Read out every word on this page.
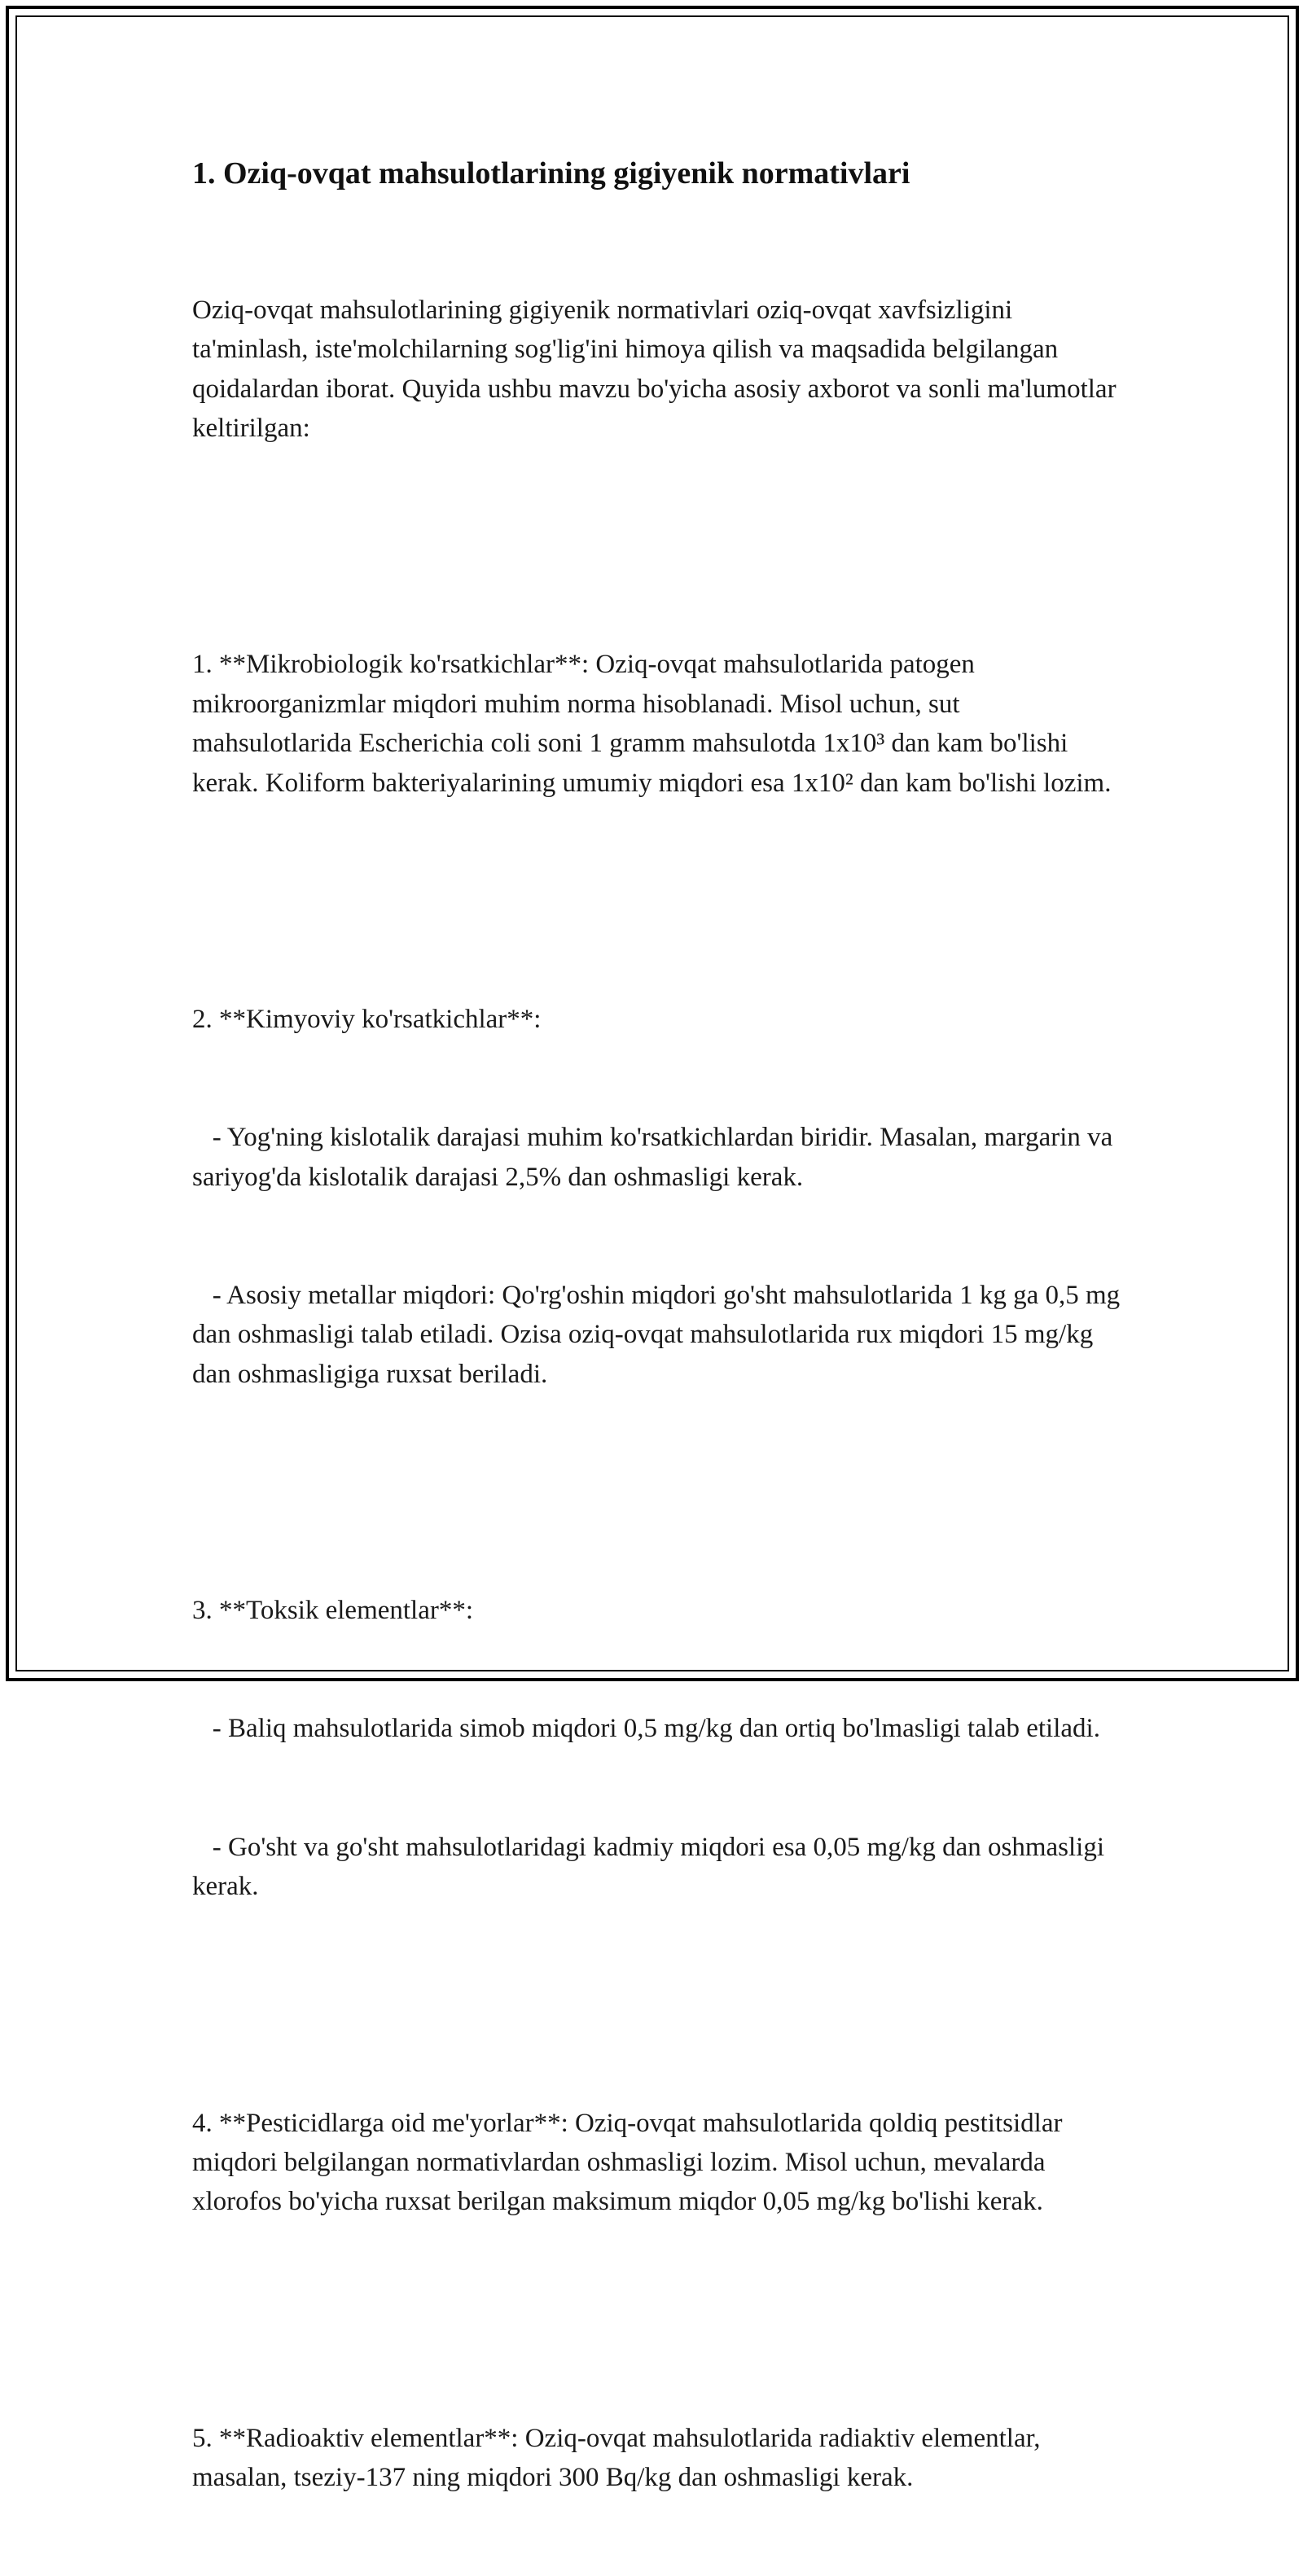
1. Oziq-ovqat mahsulotlarining gigiyenik normativlari

Oziq-ovqat mahsulotlarining gigiyenik normativlari oziq-ovqat xavfsizligini ta'minlash, iste'molchilarning sog'lig'ini himoya qilish va maqsadida belgilangan qoidalardan iborat. Quyida ushbu mavzu bo'yicha asosiy axborot va sonli ma'lumotlar keltirilgan:

1. **Mikrobiologik ko'rsatkichlar**: Oziq-ovqat mahsulotlarida patogen mikroorganizmlar miqdori muhim norma hisoblanadi. Misol uchun, sut mahsulotlarida Escherichia coli soni 1 gramm mahsulotda 1x10³ dan kam bo'lishi kerak. Koliform bakteriyalarining umumiy miqdori esa 1x10² dan kam bo'lishi lozim.

2. **Kimyoviy ko'rsatkichlar**:

- Yog'ning kislotalik darajasi muhim ko'rsatkichlardan biridir. Masalan, margarin va sariyog'da kislotalik darajasi 2,5% dan oshmasligi kerak.

- Asosiy metallar miqdori: Qo'rg'oshin miqdori go'sht mahsulotlarida 1 kg ga 0,5 mg dan oshmasligi talab etiladi. Ozisa oziq-ovqat mahsulotlarida rux miqdori 15 mg/kg dan oshmasligiga ruxsat beriladi.

3. **Toksik elementlar**:

- Baliq mahsulotlarida simob miqdori 0,5 mg/kg dan ortiq bo'lmasligi talab etiladi.

- Go'sht va go'sht mahsulotlaridagi kadmiy miqdori esa 0,05 mg/kg dan oshmasligi kerak.

4. **Pesticidlarga oid me'yorlar**: Oziq-ovqat mahsulotlarida qoldiq pestitsidlar miqdori belgilangan normativlardan oshmasligi lozim. Misol uchun, mevalarda xlorofos bo'yicha ruxsat berilgan maksimum miqdor 0,05 mg/kg bo'lishi kerak.

5. **Radioaktiv elementlar**: Oziq-ovqat mahsulotlarida radiaktiv elementlar, masalan, tseziy-137 ning miqdori 300 Bq/kg dan oshmasligi kerak.
